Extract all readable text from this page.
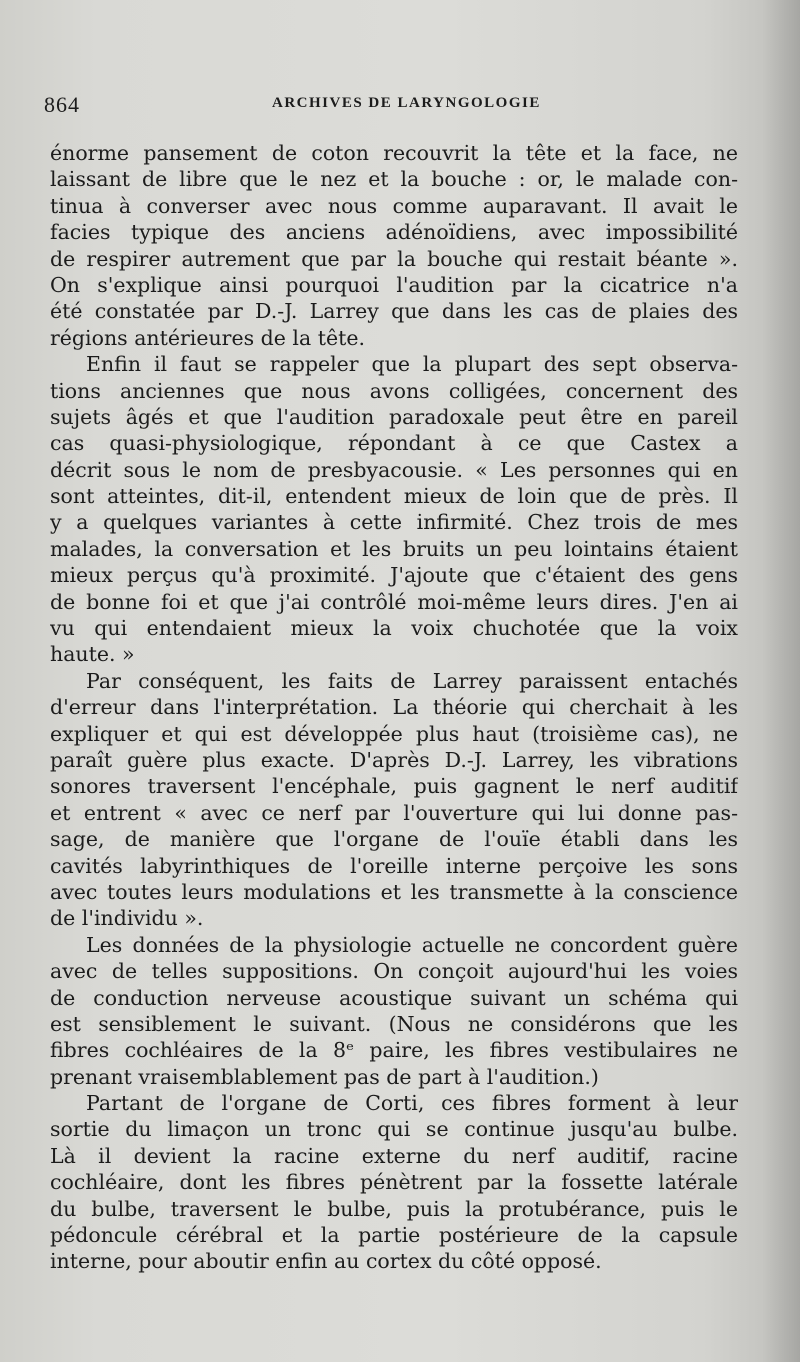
864	ARCHIVES DE LARYNGOLOGIE
énorme pansement de coton recouvrit la tête et la face, ne
laissant de libre que le nez et la bouche : or, le malade con-
tinua à converser avec nous comme auparavant. Il avait le
facies typique des anciens adénoïdiens, avec impossibilité
de respirer autrement que par la bouche qui restait béante ».
On s'explique ainsi pourquoi l'audition par la cicatrice n'a
été constatée par D.-J. Larrey que dans les cas de plaies des
régions antérieures de la tête.
Enfin il faut se rappeler que la plupart des sept observa-
tions anciennes que nous avons colligées, concernent des
sujets âgés et que l'audition paradoxale peut être en pareil
cas quasi-physiologique, répondant à ce que Castex a
décrit sous le nom de presbyacousie. « Les personnes qui en
sont atteintes, dit-il, entendent mieux de loin que de près. Il
y a quelques variantes à cette infirmité. Chez trois de mes
malades, la conversation et les bruits un peu lointains étaient
mieux perçus qu'à proximité. J'ajoute que c'étaient des gens
de bonne foi et que j'ai contrôlé moi-même leurs dires. J'en ai
vu qui entendaient mieux la voix chuchotée que la voix
haute. »
Par conséquent, les faits de Larrey paraissent entachés
d'erreur dans l'interprétation. La théorie qui cherchait à les
expliquer et qui est développée plus haut (troisième cas), ne
paraît guère plus exacte. D'après D.-J. Larrey, les vibrations
sonores traversent l'encéphale, puis gagnent le nerf auditif
et entrent « avec ce nerf par l'ouverture qui lui donne pas-
sage, de manière que l'organe de l'ouïe établi dans les
cavités labyrinthiques de l'oreille interne perçoive les sons
avec toutes leurs modulations et les transmette à la conscience
de l'individu ».
Les données de la physiologie actuelle ne concordent guère
avec de telles suppositions. On conçoit aujourd'hui les voies
de conduction nerveuse acoustique suivant un schéma qui
est sensiblement le suivant. (Nous ne considérons que les
fibres cochléaires de la 8ᵉ paire, les fibres vestibulaires ne
prenant vraisemblablement pas de part à l'audition.)
Partant de l'organe de Corti, ces fibres forment à leur
sortie du limaçon un tronc qui se continue jusqu'au bulbe.
Là il devient la racine externe du nerf auditif, racine
cochléaire, dont les fibres pénètrent par la fossette latérale
du bulbe, traversent le bulbe, puis la protubérance, puis le
pédoncule cérébral et la partie postérieure de la capsule
interne, pour aboutir enfin au cortex du côté opposé.
